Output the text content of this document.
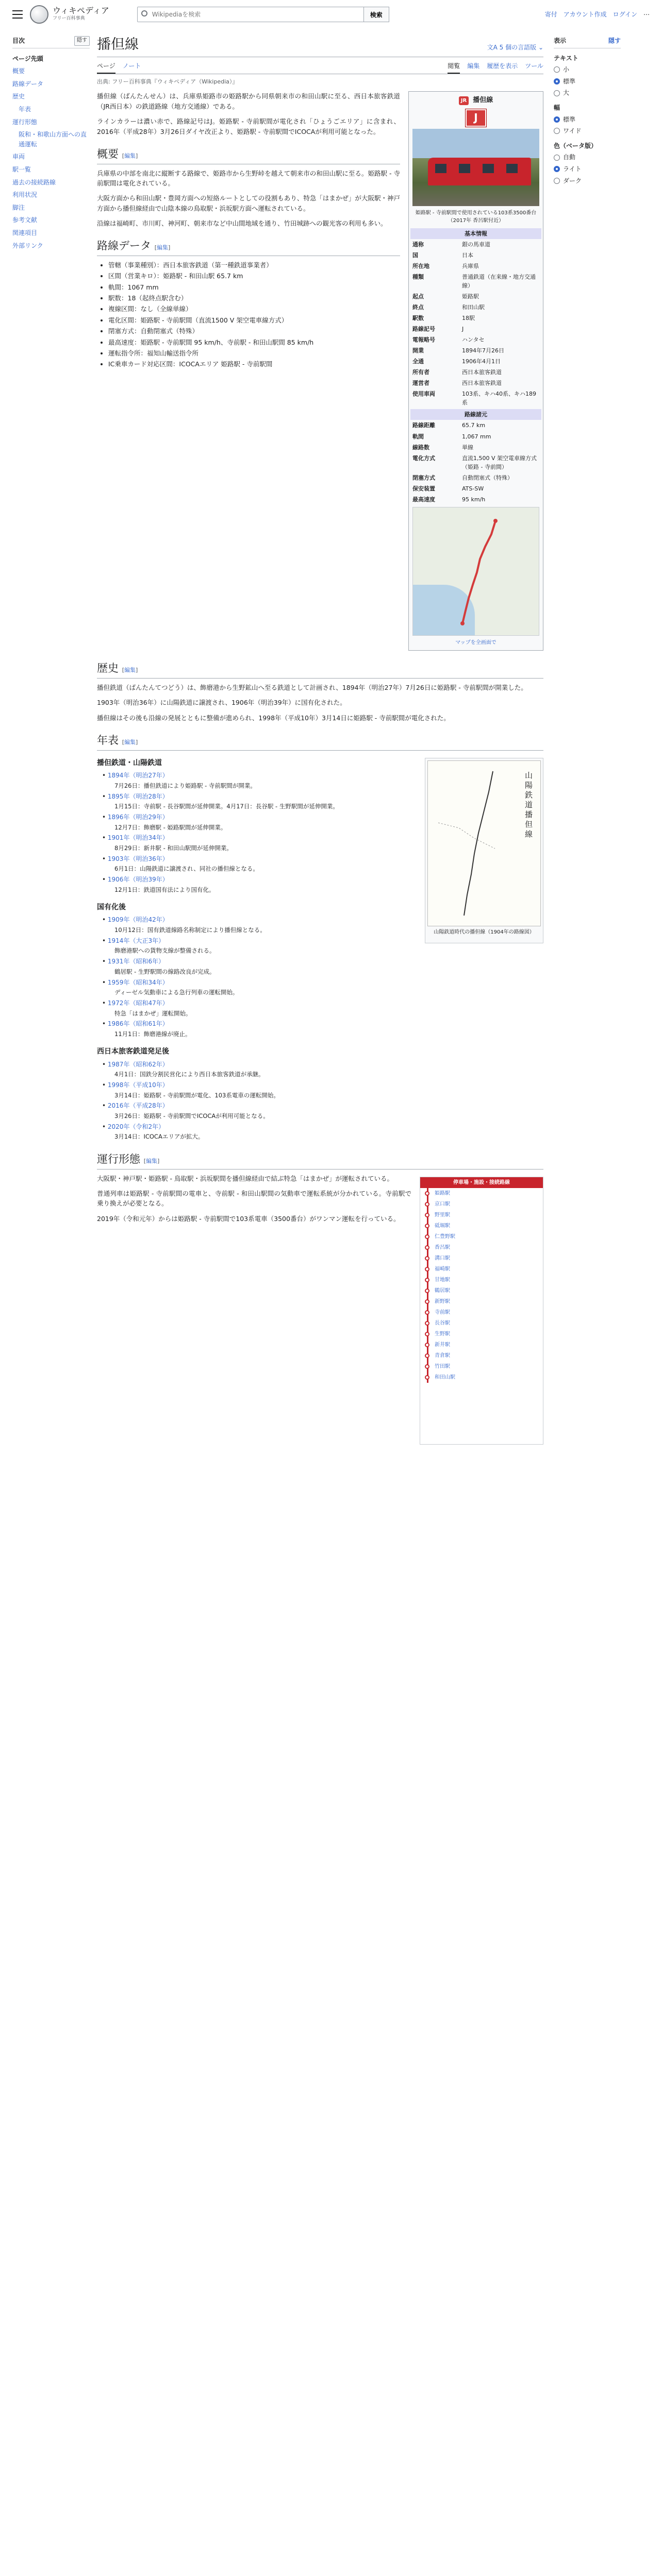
ウィキペディア
フリー百科事典
Wikipediaを検索
検索	寄付 アカウント作成 ログイン ⋯
目次	隠す
ページ先頭
概要
路線データ
歴史
年表
運行形態
阪和・和歌山方面への直通運転
車両
駅一覧
過去の接続路線
利用状況
脚注
参考文献
関連項目
外部リンク
播但線	文A 5 個の言語版 ⌄
ページ ノート	閲覧 編集 履歴を表示 ツール
出典: フリー百科事典『ウィキペディア（Wikipedia）』

播但線（ばんたんせん）は、兵庫県姫路市の姫路駅から同県朝来市の和田山駅に至る、西日本旅客鉄道（JR西日本）の鉄道路線（地方交通線）である。

ラインカラーは濃い赤で、路線記号はJ。姫路駅 - 寺前駅間が電化され「ひょうごエリア」に含まれ、2016年（平成28年）3月26日ダイヤ改正より、姫路駅 - 寺前駅間でICOCAが利用可能となった。

概要 [編集]

兵庫県の中部を南北に縦断する路線で、姫路市から生野峠を越えて朝来市の和田山駅に至る。姫路駅 - 寺前駅間は電化されている。

大阪方面から和田山駅・豊岡方面への短絡ルートとしての役割もあり、特急「はまかぜ」が大阪駅・神戸方面から播但線経由で山陰本線の鳥取駅・浜坂駅方面へ運転されている。

沿線は福崎町、市川町、神河町、朝来市など中山間地域を通り、竹田城跡への観光客の利用も多い。

路線データ [編集]
• 管轄（事業種別）：西日本旅客鉄道（第一種鉄道事業者）
• 区間（営業キロ）：姫路駅 - 和田山駅 65.7 km
• 軌間：1067 mm
• 駅数：18（起終点駅含む）
• 複線区間：なし（全線単線）
• 電化区間：姫路駅 - 寺前駅間（直流1500 V 架空電車線方式）
• 閉塞方式：自動閉塞式（特殊）
• 最高速度：姫路駅 - 寺前駅間 95 km/h、寺前駅 - 和田山駅間 85 km/h
• 運転指令所：福知山輸送指令所
• IC乗車カード対応区間：ICOCAエリア 姫路駅 - 寺前駅間
JR 播但線
J
姫路駅 - 寺前駅間で使用されている103系3500番台（2017年 香呂駅付近）
基本情報
通称	銀の馬車道
国	日本
所在地	兵庫県
種類	普通鉄道（在来線・地方交通線）
起点	姫路駅
終点	和田山駅
駅数	18駅
路線記号	J
電報略号	ハンタセ
開業	1894年7月26日
全通	1906年4月1日
所有者	西日本旅客鉄道
運営者	西日本旅客鉄道
使用車両	103系、キハ40系、キハ189系
路線諸元
路線距離	65.7 km
軌間	1,067 mm
線路数	単線
電化方式	直流1,500 V 架空電車線方式（姫路 - 寺前間）
閉塞方式	自動閉塞式（特殊）
保安装置	ATS-SW
最高速度	95 km/h
マップを全画面で
歴史 [編集]

播但鉄道（ばんたんてつどう）は、飾磨港から生野鉱山へ至る鉄道として計画され、1894年（明治27年）7月26日に姫路駅 - 寺前駅間が開業した。

1903年（明治36年）に山陽鉄道に譲渡され、1906年（明治39年）に国有化された。

播但線はその後も沿線の発展とともに整備が進められ、1998年（平成10年）3月14日に姫路駅 - 寺前駅間が電化された。

年表 [編集]
山陽鉄道播但線
山陽鉄道時代の播但線（1904年の路線図）
播但鉄道・山陽鉄道
• 1894年（明治27年）
7月26日：播但鉄道により姫路駅 - 寺前駅間が開業。
• 1895年（明治28年）
1月15日：寺前駅 - 長谷駅間が延伸開業。4月17日：長谷駅 - 生野駅間が延伸開業。
• 1896年（明治29年）
12月7日：飾磨駅 - 姫路駅間が延伸開業。
• 1901年（明治34年）
8月29日：新井駅 - 和田山駅間が延伸開業。
• 1903年（明治36年）
6月1日：山陽鉄道に譲渡され、同社の播但線となる。
• 1906年（明治39年）
12月1日：鉄道国有法により国有化。
国有化後
• 1909年（明治42年）
10月12日：国有鉄道線路名称制定により播但線となる。
• 1914年（大正3年）
飾磨港駅への貨物支線が整備される。
• 1931年（昭和6年）
鶴居駅 - 生野駅間の線路改良が完成。
• 1959年（昭和34年）
ディーゼル気動車による急行列車の運転開始。
• 1972年（昭和47年）
特急「はまかぜ」運転開始。
• 1986年（昭和61年）
11月1日：飾磨港線が廃止。
西日本旅客鉄道発足後
• 1987年（昭和62年）
4月1日：国鉄分割民営化により西日本旅客鉄道が承継。
• 1998年（平成10年）
3月14日：姫路駅 - 寺前駅間が電化、103系電車の運転開始。
• 2016年（平成28年）
3月26日：姫路駅 - 寺前駅間でICOCAが利用可能となる。
• 2020年（令和2年）
3月14日：ICOCAエリアが拡大。
運行形態 [編集]
停車場・施設・接続路線
姫路駅
京口駅
野里駅
砥堀駅
仁豊野駅
香呂駅
溝口駅
福崎駅
甘地駅
鶴居駅
新野駅
寺前駅
長谷駅
生野駅
新井駅
青倉駅
竹田駅
和田山駅

大阪駅・神戸駅・姫路駅 - 鳥取駅・浜坂駅間を播但線経由で結ぶ特急「はまかぜ」が運転されている。

普通列車は姫路駅 - 寺前駅間の電車と、寺前駅 - 和田山駅間の気動車で運転系統が分かれている。寺前駅で乗り換えが必要となる。

2019年（令和元年）からは姫路駅 - 寺前駅間で103系電車（3500番台）がワンマン運転を行っている。

表示	隠す
テキスト
小
標準
大
幅
標準
ワイド
色（ベータ版）
自動
ライト
ダーク
